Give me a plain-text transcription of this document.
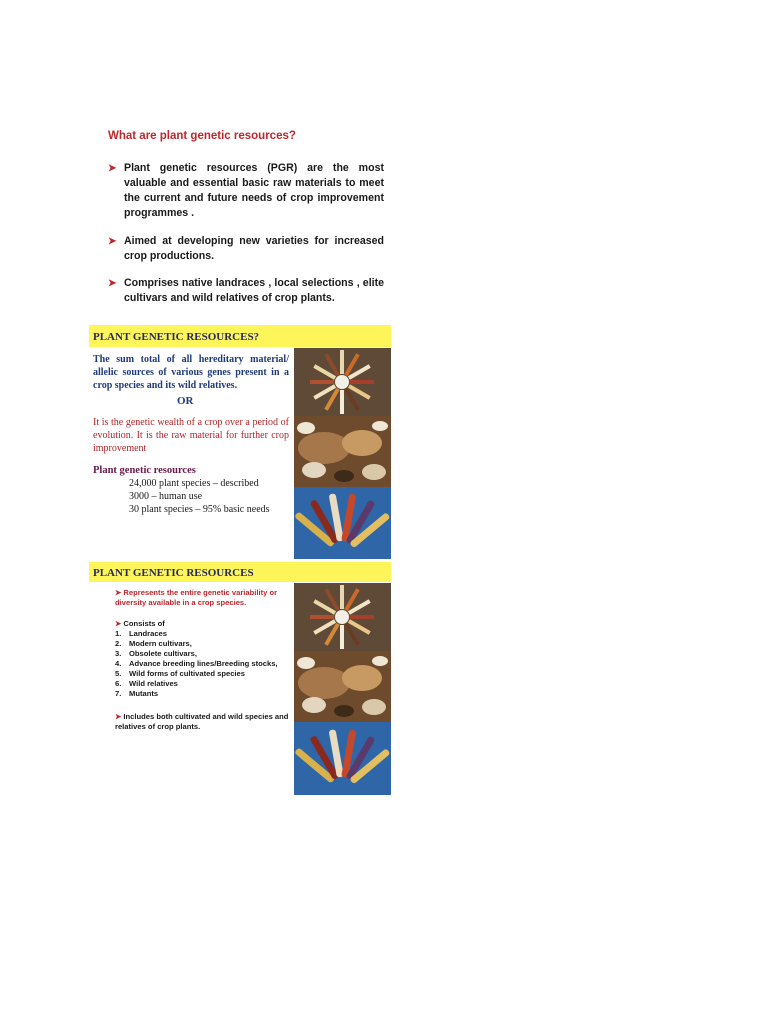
What are plant genetic resources?
➤ Plant genetic resources (PGR) are the most valuable and essential basic raw materials to meet the current and future needs of crop improvement programmes .
➤ Aimed at developing new varieties for increased crop productions.
➤ Comprises native landraces , local selections , elite cultivars and wild relatives of crop plants.
PLANT GENETIC RESOURCES?
The sum total of all hereditary material/ allelic sources of various genes present in a crop species and its wild relatives.
OR
It is the genetic wealth of a crop over a period of evolution. It is the raw material for further crop improvement
Plant genetic resources
24,000 plant species – described
3000 – human use
30 plant species – 95% basic needs
PLANT GENETIC RESOURCES
➤ Represents the entire genetic variability or diversity available in a crop species.
➤ Consists of
1. Landraces
2. Modern cultivars,
3. Obsolete cultivars,
4. Advance breeding lines/Breeding stocks,
5. Wild forms of cultivated species
6. Wild relatives
7. Mutants
➤ Includes both cultivated and wild species and relatives of crop plants.
